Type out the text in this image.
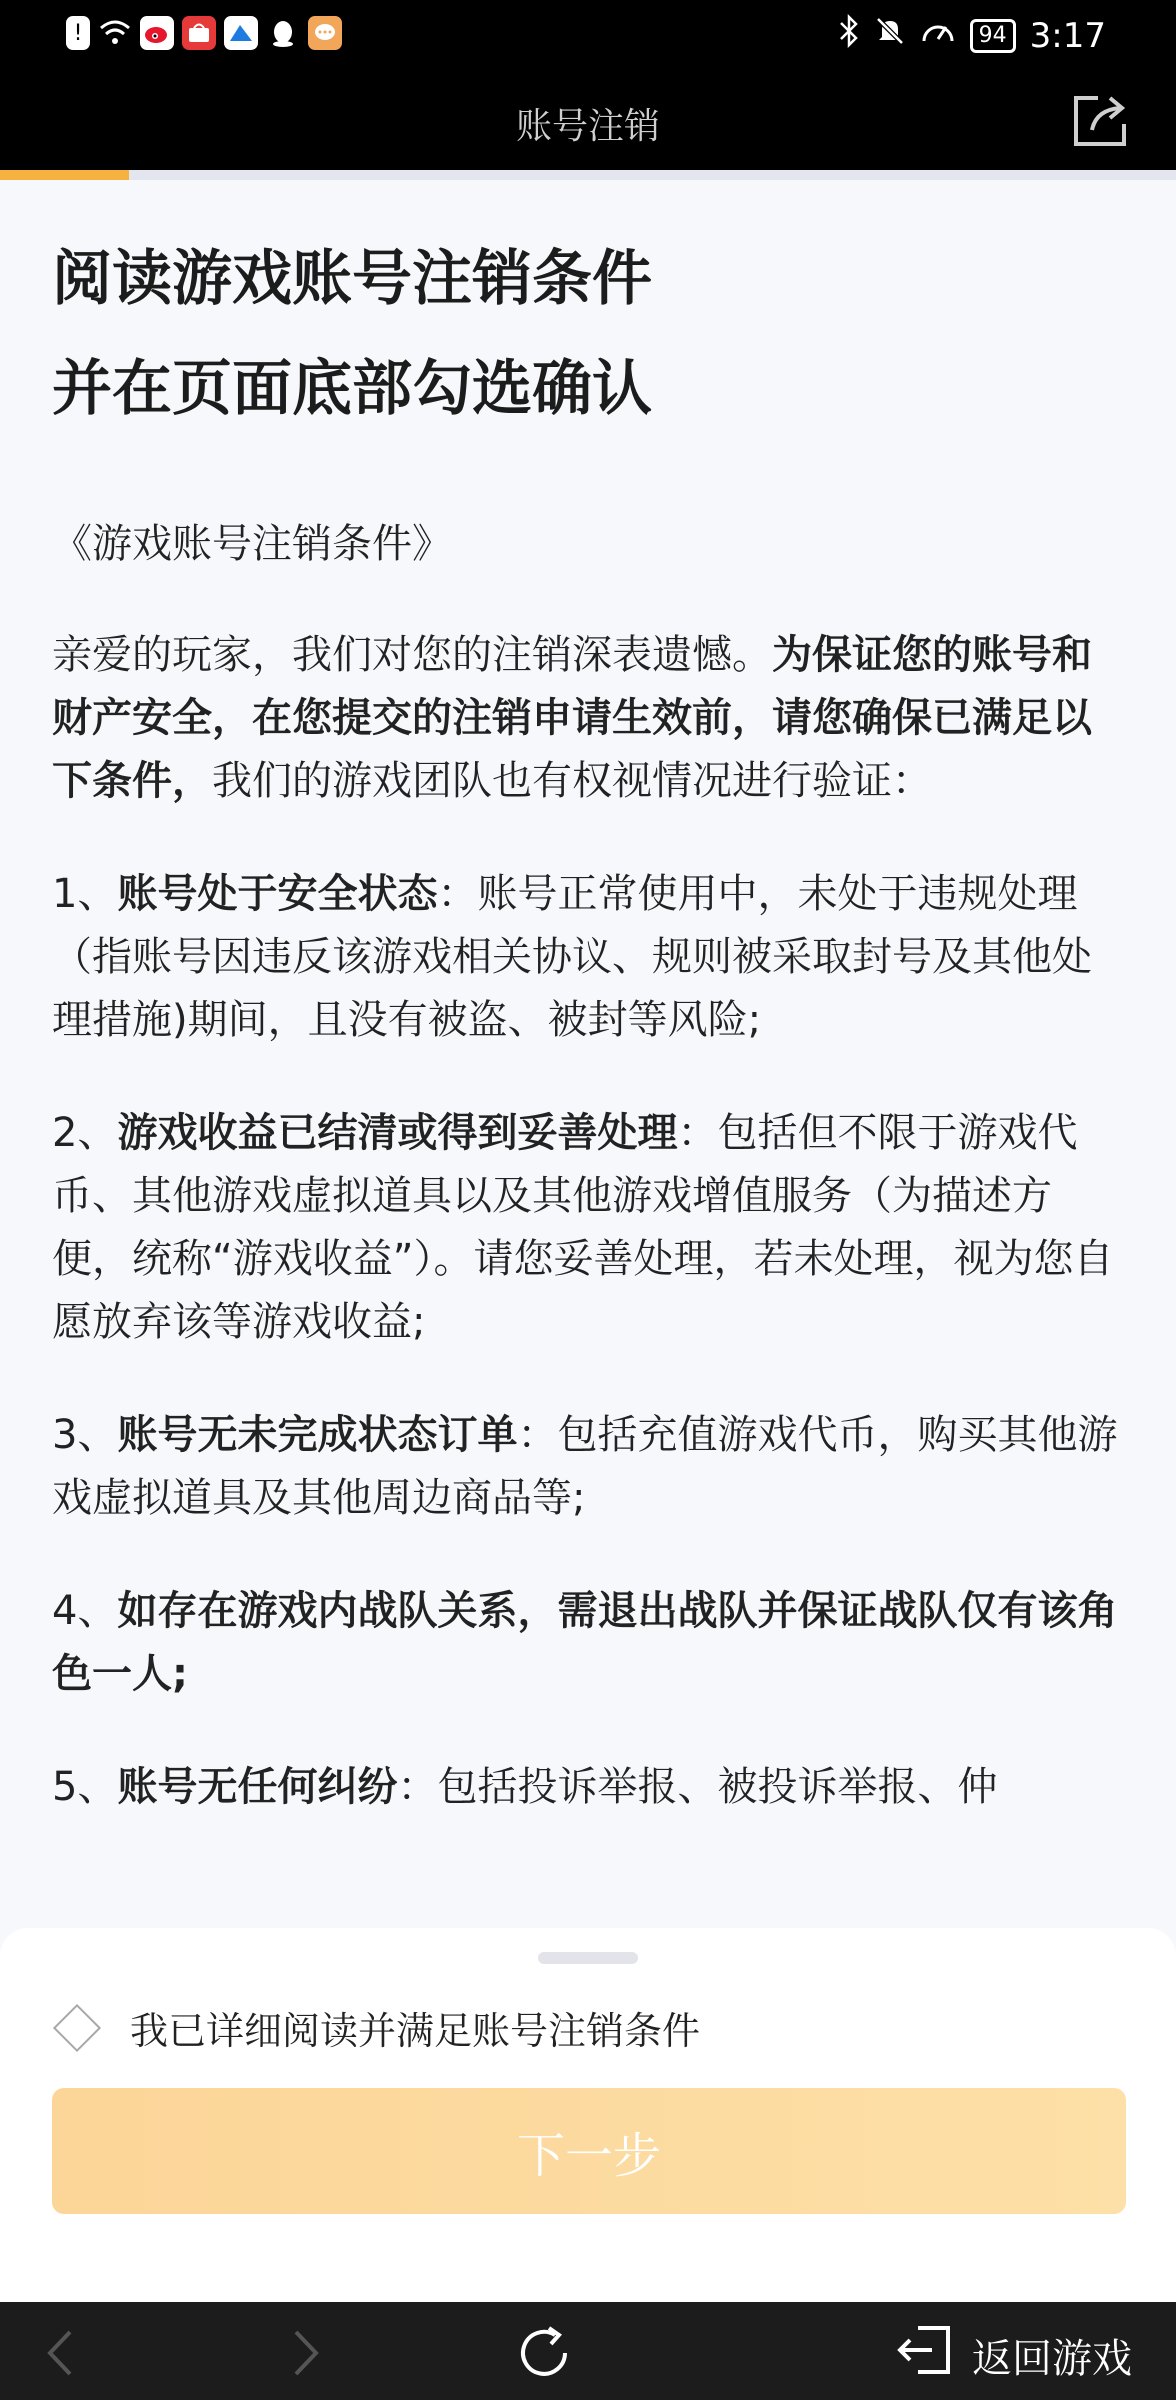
!	94 3:17
账号注销
阅读游戏账号注销条件
并在页面底部勾选确认
《游戏账号注销条件》
亲爱的玩家，我们对您的注销深表遗憾。为保证您的账号和财产安全，在您提交的注销申请生效前，请您确保已满足以下条件，我们的游戏团队也有权视情况进行验证：
1、账号处于安全状态：账号正常使用中，未处于违规处理（指账号因违反该游戏相关协议、规则被采取封号及其他处理措施)期间，且没有被盗、被封等风险;
2、游戏收益已结清或得到妥善处理：包括但不限于游戏代币、其他游戏虚拟道具以及其他游戏增值服务（为描述方便，统称“游戏收益”）。请您妥善处理，若未处理，视为您自愿放弃该等游戏收益;
3、账号无未完成状态订单：包括充值游戏代币，购买其他游戏虚拟道具及其他周边商品等;
4、如存在游戏内战队关系，需退出战队并保证战队仅有该角色一人;
5、账号无任何纠纷：包括投诉举报、被投诉举报、仲
我已详细阅读并满足账号注销条件
下一步
返回游戏
